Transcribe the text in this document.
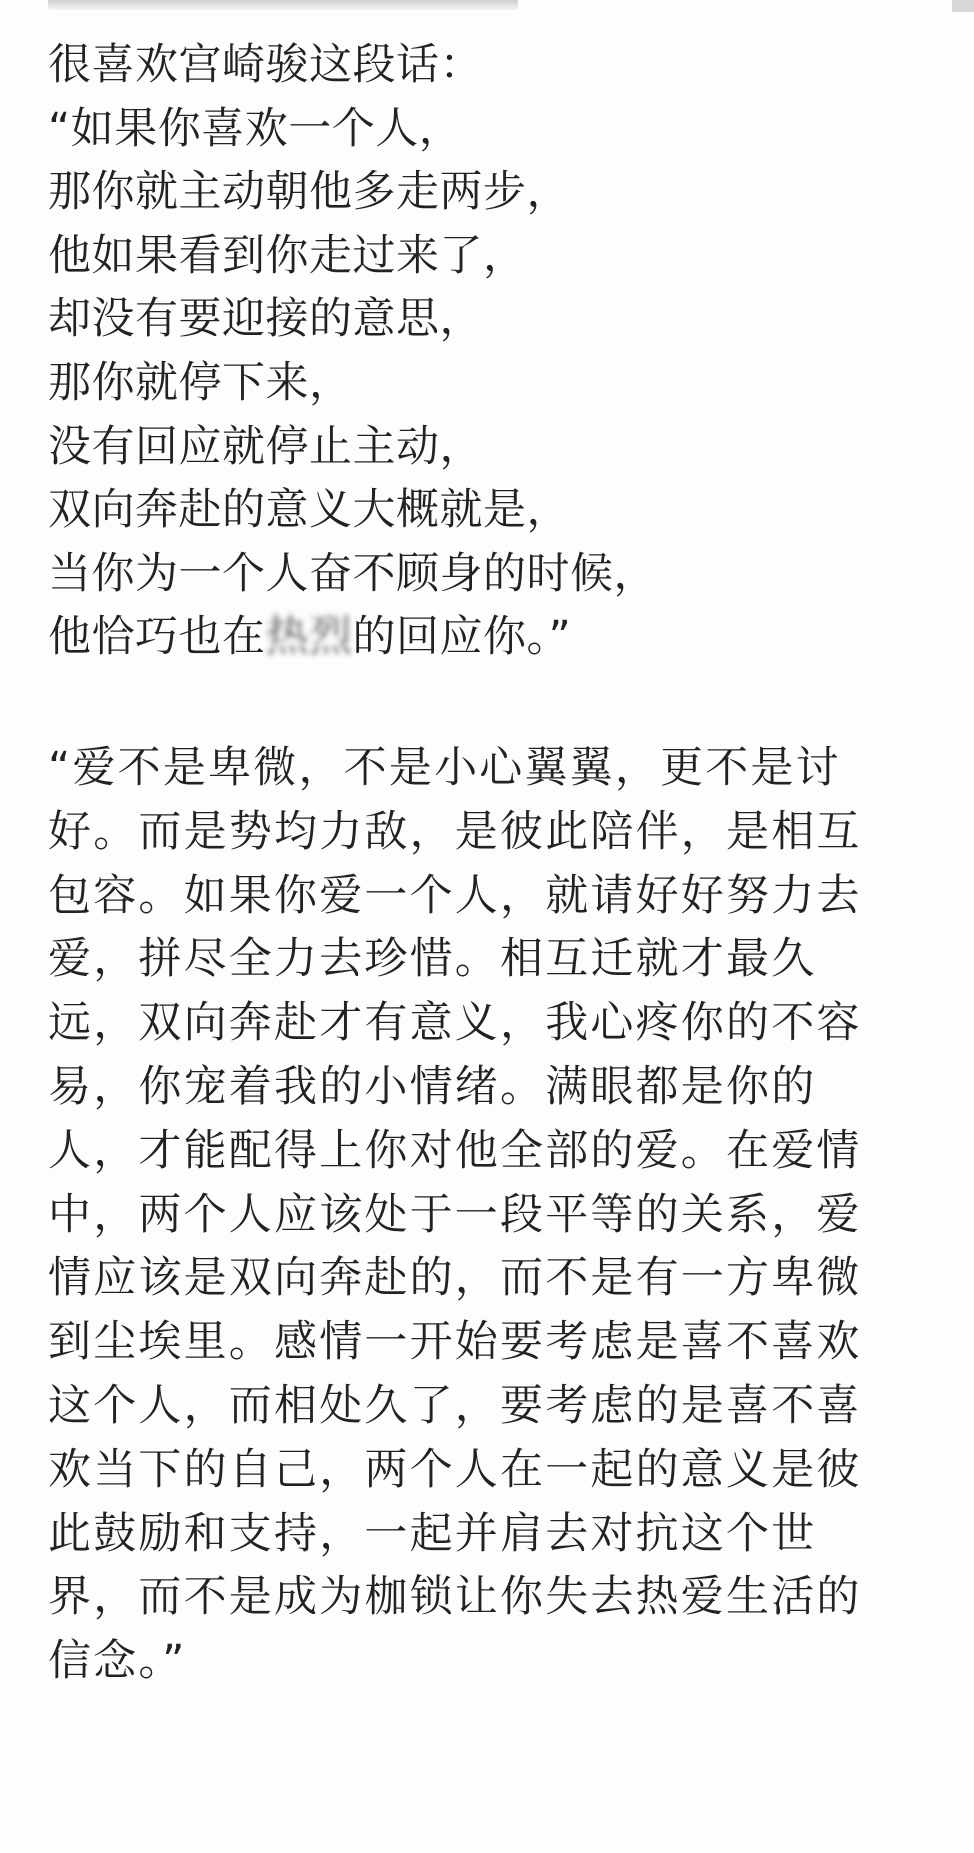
很喜欢宫崎骏这段话：
“如果你喜欢一个人，
那你就主动朝他多走两步，
他如果看到你走过来了，
却没有要迎接的意思，
那你就停下来，
没有回应就停止主动，
双向奔赴的意义大概就是，
当你为一个人奋不顾身的时候，
他恰巧也在热烈的回应你。”
“爱不是卑微，不是小心翼翼，更不是讨
好。而是势均力敌，是彼此陪伴，是相互
包容。如果你爱一个人，就请好好努力去
爱，拼尽全力去珍惜。相互迁就才最久
远，双向奔赴才有意义，我心疼你的不容
易，你宠着我的小情绪。满眼都是你的
人，才能配得上你对他全部的爱。在爱情
中，两个人应该处于一段平等的关系，爱
情应该是双向奔赴的，而不是有一方卑微
到尘埃里。感情一开始要考虑是喜不喜欢
这个人，而相处久了，要考虑的是喜不喜
欢当下的自己，两个人在一起的意义是彼
此鼓励和支持，一起并肩去对抗这个世
界，而不是成为枷锁让你失去热爱生活的
信念。”
